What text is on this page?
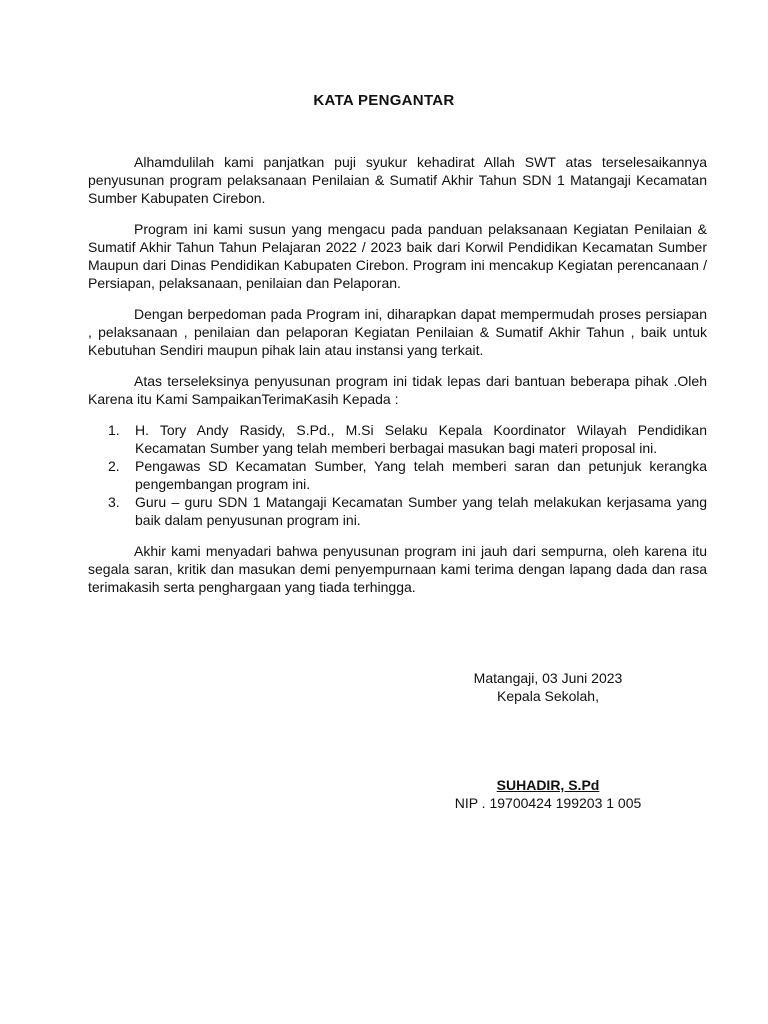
KATA PENGANTAR

Alhamdulilah kami panjatkan puji syukur kehadirat Allah SWT atas terselesaikannya penyusunan program pelaksanaan Penilaian & Sumatif Akhir Tahun SDN 1 Matangaji Kecamatan Sumber Kabupaten Cirebon.

Program ini kami susun yang mengacu pada panduan pelaksanaan Kegiatan Penilaian & Sumatif Akhir Tahun Tahun Pelajaran 2022 / 2023 baik dari Korwil Pendidikan Kecamatan Sumber Maupun dari Dinas Pendidikan Kabupaten Cirebon. Program ini mencakup Kegiatan perencanaan / Persiapan, pelaksanaan, penilaian dan Pelaporan.

Dengan berpedoman pada Program ini, diharapkan dapat mempermudah proses persiapan , pelaksanaan , penilaian dan pelaporan Kegiatan Penilaian & Sumatif Akhir Tahun , baik untuk Kebutuhan Sendiri maupun pihak lain atau instansi yang terkait.

Atas terseleksinya penyusunan program ini tidak lepas dari bantuan beberapa pihak .Oleh Karena itu Kami SampaikanTerimaKasih Kepada :

1. H. Tory Andy Rasidy, S.Pd., M.Si Selaku Kepala Koordinator Wilayah Pendidikan Kecamatan Sumber yang telah memberi berbagai masukan bagi materi proposal ini.
2. Pengawas SD Kecamatan Sumber, Yang telah memberi saran dan petunjuk kerangka pengembangan program ini.
3. Guru – guru SDN 1 Matangaji Kecamatan Sumber yang telah melakukan kerjasama yang baik dalam penyusunan program ini.

Akhir kami menyadari bahwa penyusunan program ini jauh dari sempurna, oleh karena itu segala saran, kritik dan masukan demi penyempurnaan kami terima dengan lapang dada dan rasa terimakasih serta penghargaan yang tiada terhingga.

Matangaji, 03 Juni 2023
Kepala Sekolah,
SUHADIR, S.Pd
NIP . 19700424 199203 1 005
